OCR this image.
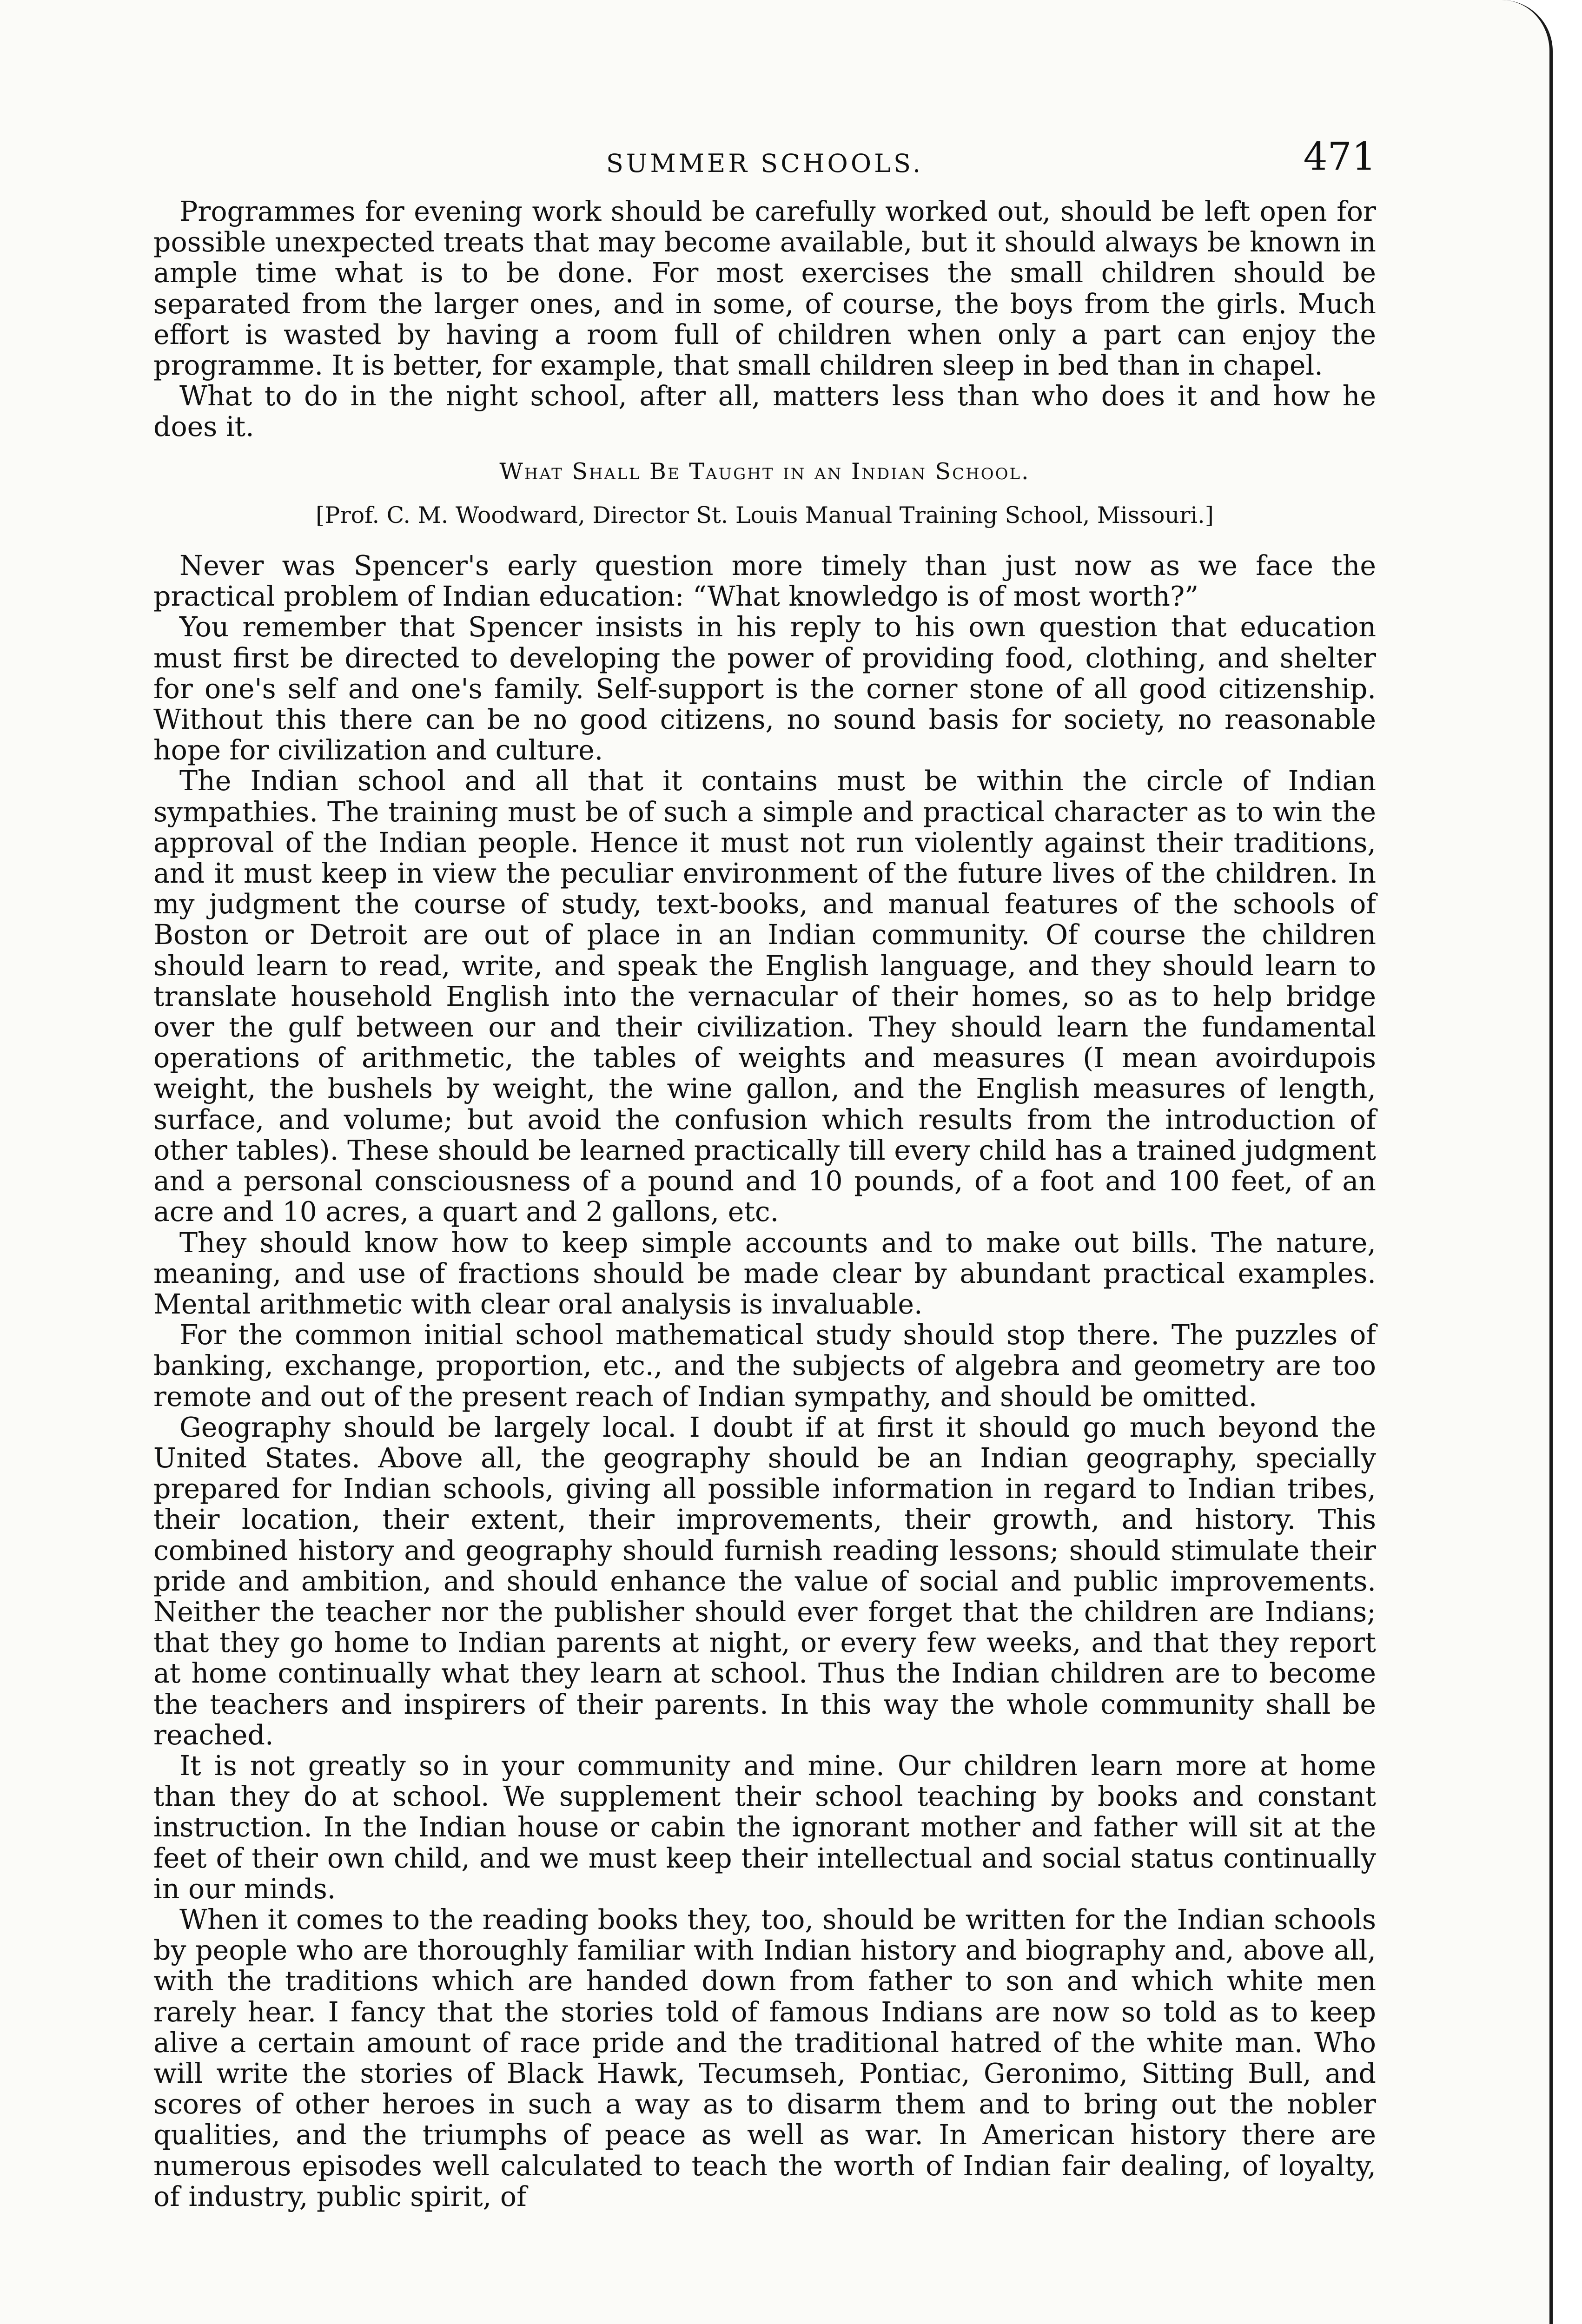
SUMMER SCHOOLS.	471

Programmes for evening work should be carefully worked out, should be left open for possible unexpected treats that may become available, but it should always be known in ample time what is to be done. For most exercises the small children should be separated from the larger ones, and in some, of course, the boys from the girls. Much effort is wasted by having a room full of children when only a part can enjoy the programme. It is better, for example, that small children sleep in bed than in chapel.

What to do in the night school, after all, matters less than who does it and how he does it.

What Shall Be Taught in an Indian School.
[Prof. C. M. Woodward, Director St. Louis Manual Training School, Missouri.]

Never was Spencer's early question more timely than just now as we face the practical problem of Indian education: “What knowledgo is of most worth?”

You remember that Spencer insists in his reply to his own question that education must first be directed to developing the power of providing food, clothing, and shelter for one's self and one's family. Self-support is the corner stone of all good citizenship. Without this there can be no good citizens, no sound basis for society, no reasonable hope for civilization and culture.

The Indian school and all that it contains must be within the circle of Indian sympathies. The training must be of such a simple and practical character as to win the approval of the Indian people. Hence it must not run violently against their traditions, and it must keep in view the peculiar environment of the future lives of the children. In my judgment the course of study, text-books, and manual features of the schools of Boston or Detroit are out of place in an Indian community. Of course the children should learn to read, write, and speak the English language, and they should learn to translate household English into the vernacular of their homes, so as to help bridge over the gulf between our and their civilization. They should learn the fundamental operations of arithmetic, the tables of weights and measures (I mean avoirdupois weight, the bushels by weight, the wine gallon, and the English measures of length, surface, and volume; but avoid the confusion which results from the introduction of other tables). These should be learned practically till every child has a trained judgment and a personal consciousness of a pound and 10 pounds, of a foot and 100 feet, of an acre and 10 acres, a quart and 2 gallons, etc.

They should know how to keep simple accounts and to make out bills. The nature, meaning, and use of fractions should be made clear by abundant practical examples. Mental arithmetic with clear oral analysis is invaluable.

For the common initial school mathematical study should stop there. The puzzles of banking, exchange, proportion, etc., and the subjects of algebra and geometry are too remote and out of the present reach of Indian sympathy, and should be omitted.

Geography should be largely local. I doubt if at first it should go much beyond the United States. Above all, the geography should be an Indian geography, specially prepared for Indian schools, giving all possible information in regard to Indian tribes, their location, their extent, their improvements, their growth, and history. This combined history and geography should furnish reading lessons; should stimulate their pride and ambition, and should enhance the value of social and public improvements. Neither the teacher nor the publisher should ever forget that the children are Indians; that they go home to Indian parents at night, or every few weeks, and that they report at home continually what they learn at school. Thus the Indian children are to become the teachers and inspirers of their parents. In this way the whole community shall be reached.

It is not greatly so in your community and mine. Our children learn more at home than they do at school. We supplement their school teaching by books and constant instruction. In the Indian house or cabin the ignorant mother and father will sit at the feet of their own child, and we must keep their intellectual and social status continually in our minds.

When it comes to the reading books they, too, should be written for the Indian schools by people who are thoroughly familiar with Indian history and biography and, above all, with the traditions which are handed down from father to son and which white men rarely hear. I fancy that the stories told of famous Indians are now so told as to keep alive a certain amount of race pride and the traditional hatred of the white man. Who will write the stories of Black Hawk, Tecumseh, Pontiac, Geronimo, Sitting Bull, and scores of other heroes in such a way as to disarm them and to bring out the nobler qualities, and the triumphs of peace as well as war. In American history there are numerous episodes well calculated to teach the worth of Indian fair dealing, of loyalty, of industry, public spirit, of
